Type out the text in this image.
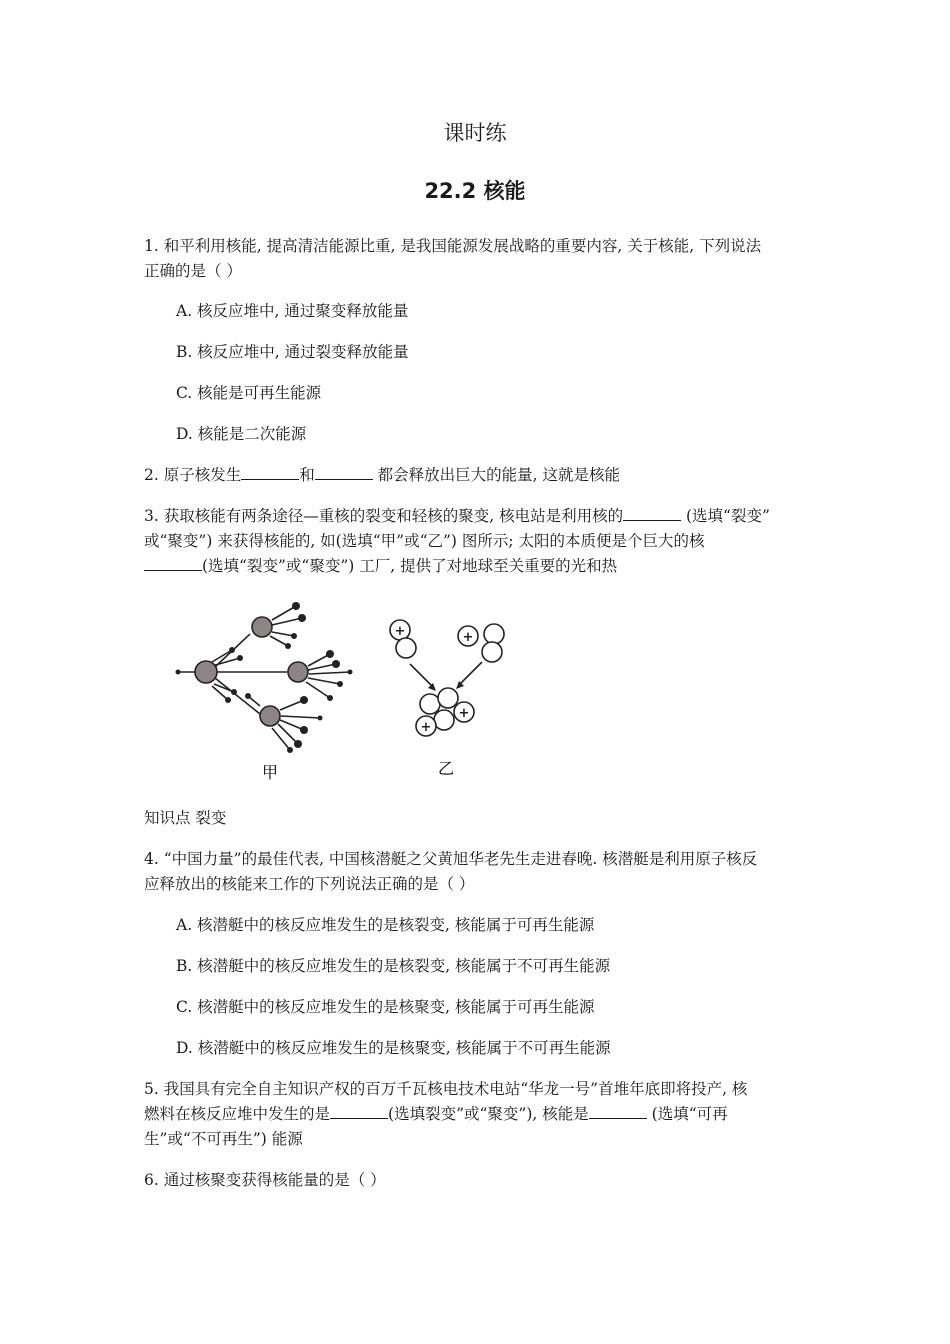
课时练
22.2 核能
1. 和平利用核能, 提高清洁能源比重, 是我国能源发展战略的重要内容, 关于核能, 下列说法
正确的是（ ）
A. 核反应堆中, 通过聚变释放能量
B. 核反应堆中, 通过裂变释放能量
C. 核能是可再生能源
D. 核能是二次能源
2. 原子核发生	和	都会释放出巨大的能量, 这就是核能
3. 获取核能有两条途径—重核的裂变和轻核的聚变, 核电站是利用核的	(选填“裂变”
或“聚变”) 来获得核能的, 如(选填“甲”或“乙”) 图所示; 太阳的本质便是个巨大的核
(选填“裂变”或“聚变”) 工厂, 提供了对地球至关重要的光和热
+	+
+
+
甲	乙
知识点 裂变
4. “中国力量”的最佳代表, 中国核潜艇之父黄旭华老先生走进春晚. 核潜艇是利用原子核反
应释放出的核能来工作的下列说法正确的是（ ）
A. 核潜艇中的核反应堆发生的是核裂变, 核能属于可再生能源
B. 核潜艇中的核反应堆发生的是核裂变, 核能属于不可再生能源
C. 核潜艇中的核反应堆发生的是核聚变, 核能属于可再生能源
D. 核潜艇中的核反应堆发生的是核聚变, 核能属于不可再生能源
5. 我国具有完全自主知识产权的百万千瓦核电技术电站“华龙一号”首堆年底即将投产, 核
燃料在核反应堆中发生的是	(选填裂变”或“聚变”), 核能是	(选填“可再
生”或“不可再生”) 能源
6. 通过核聚变获得核能量的是（ ）
